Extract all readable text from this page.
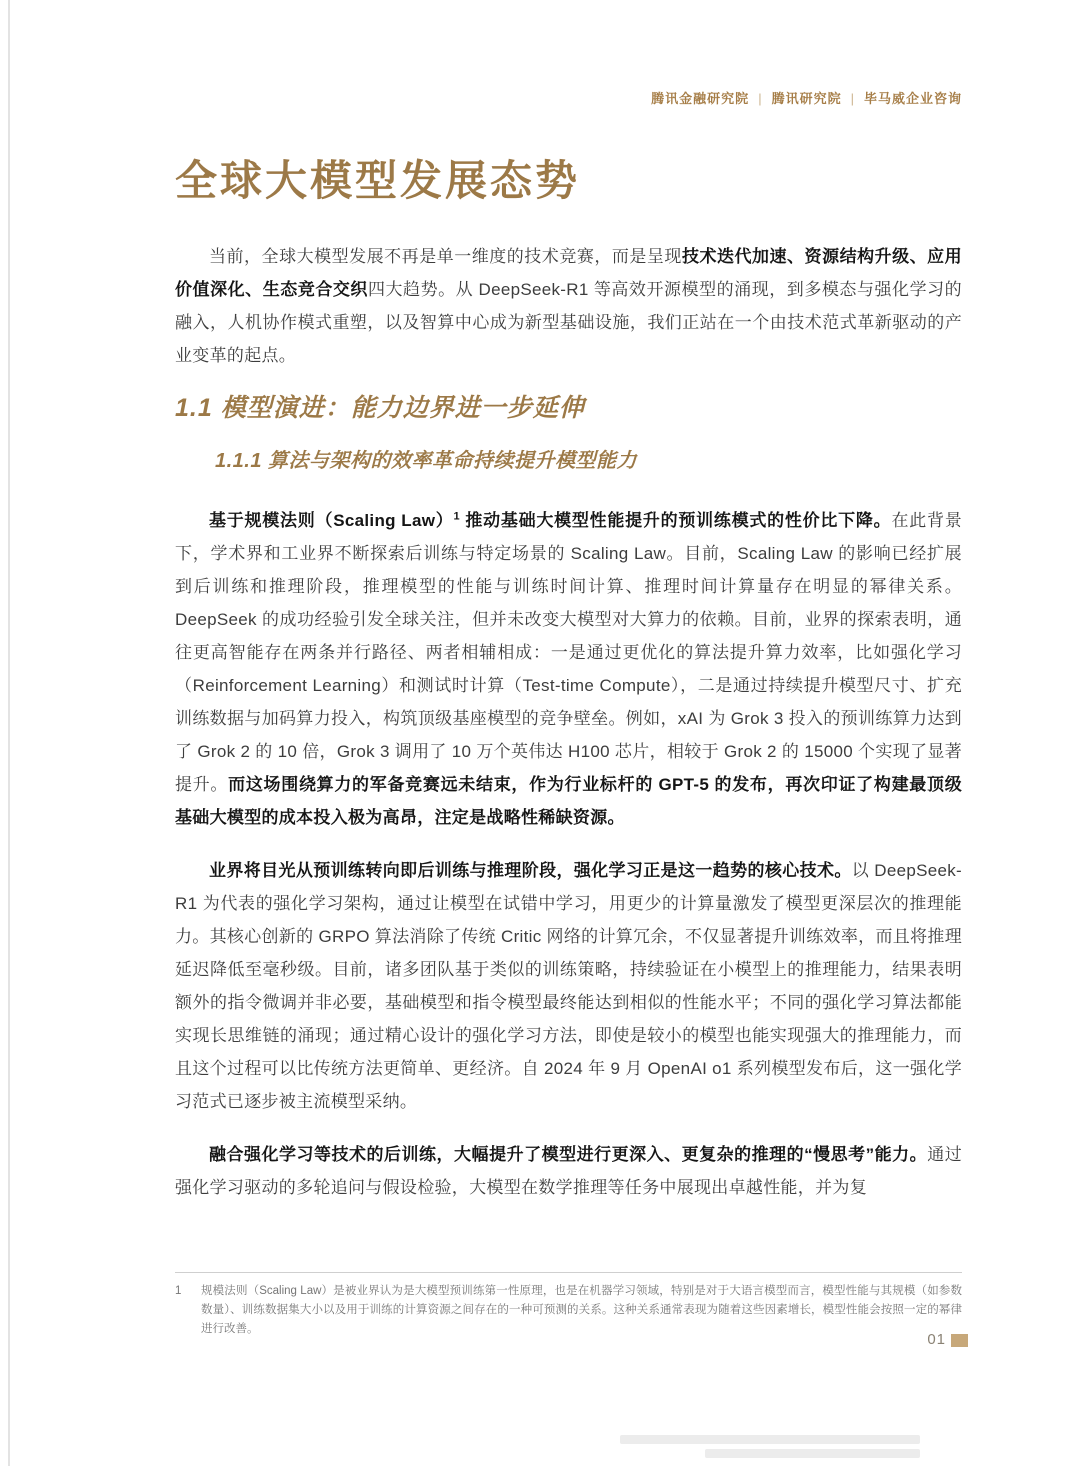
腾讯金融研究院 | 腾讯研究院 | 毕马威企业咨询
全球大模型发展态势

当前，全球大模型发展不再是单一维度的技术竞赛，而是呈现技术迭代加速、资源结构升级、应用价值深化、生态竞合交织四大趋势。从 DeepSeek-R1 等高效开源模型的涌现，到多模态与强化学习的融入，人机协作模式重塑，以及智算中心成为新型基础设施，我们正站在一个由技术范式革新驱动的产业变革的起点。

1.1 模型演进：能力边界进一步延伸
1.1.1 算法与架构的效率革命持续提升模型能力

基于规模法则（Scaling Law）$^1$ 推动基础大模型性能提升的预训练模式的性价比下降。在此背景下，学术界和工业界不断探索后训练与特定场景的 Scaling Law。目前，Scaling Law 的影响已经扩展到后训练和推理阶段，推理模型的性能与训练时间计算、推理时间计算量存在明显的幂律关系。DeepSeek 的成功经验引发全球关注，但并未改变大模型对大算力的依赖。目前，业界的探索表明，通往更高智能存在两条并行路径、两者相辅相成：一是通过更优化的算法提升算力效率，比如强化学习（Reinforcement Learning）和测试时计算（Test-time Compute），二是通过持续提升模型尺寸、扩充训练数据与加码算力投入，构筑顶级基座模型的竞争壁垒。例如，xAI 为 Grok 3 投入的预训练算力达到了 Grok 2 的 10 倍，Grok 3 调用了 10 万个英伟达 H100 芯片，相较于 Grok 2 的 15000 个实现了显著提升。而这场围绕算力的军备竞赛远未结束，作为行业标杆的 GPT-5 的发布，再次印证了构建最顶级基础大模型的成本投入极为高昂，注定是战略性稀缺资源。

业界将目光从预训练转向即后训练与推理阶段，强化学习正是这一趋势的核心技术。以 DeepSeek-R1 为代表的强化学习架构，通过让模型在试错中学习，用更少的计算量激发了模型更深层次的推理能力。其核心创新的 GRPO 算法消除了传统 Critic 网络的计算冗余，不仅显著提升训练效率，而且将推理延迟降低至毫秒级。目前，诸多团队基于类似的训练策略，持续验证在小模型上的推理能力，结果表明额外的指令微调并非必要，基础模型和指令模型最终能达到相似的性能水平；不同的强化学习算法都能实现长思维链的涌现；通过精心设计的强化学习方法，即使是较小的模型也能实现强大的推理能力，而且这个过程可以比传统方法更简单、更经济。自 2024 年 9 月 OpenAI o1 系列模型发布后，这一强化学习范式已逐步被主流模型采纳。

融合强化学习等技术的后训练，大幅提升了模型进行更深入、更复杂的推理的“慢思考”能力。通过强化学习驱动的多轮追问与假设检验，大模型在数学推理等任务中展现出卓越性能，并为复

1	规模法则（Scaling Law）是被业界认为是大模型预训练第一性原理，也是在机器学习领域，特别是对于大语言模型而言，模型性能与其规模（如参数数量）、训练数据集大小以及用于训练的计算资源之间存在的一种可预测的关系。这种关系通常表现为随着这些因素增长，模型性能会按照一定的幂律进行改善。
01
